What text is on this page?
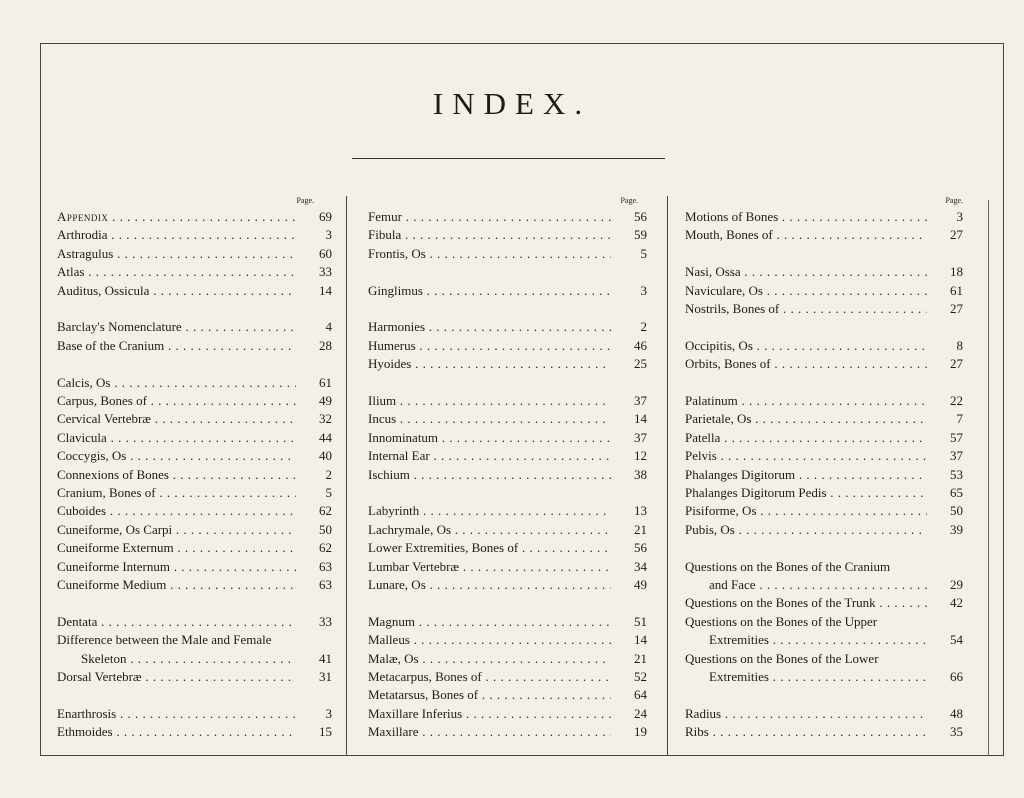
INDEX.
Page.
Appendix . . .	69
Arthrodia . . .	3
Astragulus . . .	60
Atlas . . .	33
Auditus, Ossicula . . .	14
Barclay's Nomenclature . . .	4
Base of the Cranium . . .	28
Calcis, Os . . .	61
Carpus, Bones of . . .	49
Cervical Vertebræ . . .	32
Clavicula . . .	44
Coccygis, Os . . .	40
Connexions of Bones . . .	2
Cranium, Bones of . . .	5
Cuboides . . .	62
Cuneiforme, Os Carpi . . .	50
Cuneiforme Externum . . .	62
Cuneiforme Internum . . .	63
Cuneiforme Medium . . .	63
Dentata . . .	33
Difference between the Male and Female
Skeleton . . .	41
Dorsal Vertebræ . . .	31
Enarthrosis . . .	3
Ethmoides . . .	15
Page.
Femur . . .	56
Fibula . . .	59
Frontis, Os . . .	5
Ginglimus . . .	3
Harmonies . . .	2
Humerus . . .	46
Hyoides . . .	25
Ilium . . .	37
Incus . . .	14
Innominatum . . .	37
Internal Ear . . .	12
Ischium . . .	38
Labyrinth . . .	13
Lachrymale, Os . . .	21
Lower Extremities, Bones of . . .	56
Lumbar Vertebræ . . .	34
Lunare, Os . . .	49
Magnum . . .	51
Malleus . . .	14
Malæ, Os . . .	21
Metacarpus, Bones of . . .	52
Metatarsus, Bones of . . .	64
Maxillare Inferius . . .	24
Maxillare . . .	19
Page.
Motions of Bones . . .	3
Mouth, Bones of . . .	27
Nasi, Ossa . . .	18
Naviculare, Os . . .	61
Nostrils, Bones of . . .	27
Occipitis, Os . . .	8
Orbits, Bones of . . .	27
Palatinum . . .	22
Parietale, Os . . .	7
Patella . . .	57
Pelvis . . .	37
Phalanges Digitorum . . .	53
Phalanges Digitorum Pedis . . .	65
Pisiforme, Os . . .	50
Pubis, Os . . .	39
Questions on the Bones of the Cranium
and Face . . .	29
Questions on the Bones of the Trunk . . .	42
Questions on the Bones of the Upper
Extremities . . .	54
Questions on the Bones of the Lower
Extremities . . .	66
Radius . . .	48
Ribs . . .	35
